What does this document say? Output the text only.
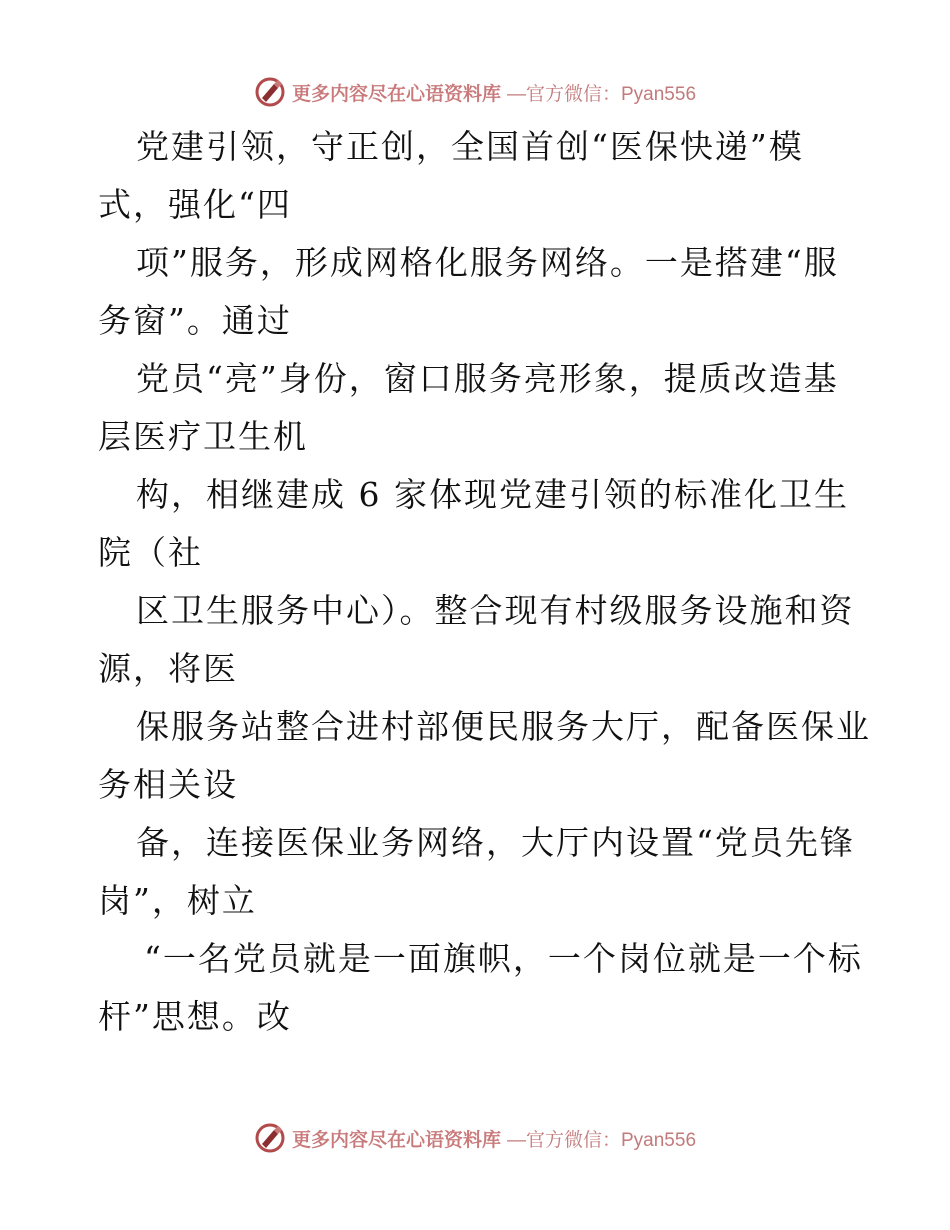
更多内容尽在心语资料库 —官方微信：Pyan556
党建引领，守正创，全国首创“医保快递”模
式，强化“四
项”服务，形成网格化服务网络。一是搭建“服
务窗”。通过
党员“亮”身份，窗口服务亮形象，提质改造基
层医疗卫生机
构，相继建成 6 家体现党建引领的标准化卫生
院（社
区卫生服务中心）。整合现有村级服务设施和资
源，将医
保服务站整合进村部便民服务大厅，配备医保业
务相关设
备，连接医保业务网络，大厅内设置“党员先锋
岗”，树立
“一名党员就是一面旗帜，一个岗位就是一个标
杆”思想。改
更多内容尽在心语资料库 —官方微信：Pyan556
